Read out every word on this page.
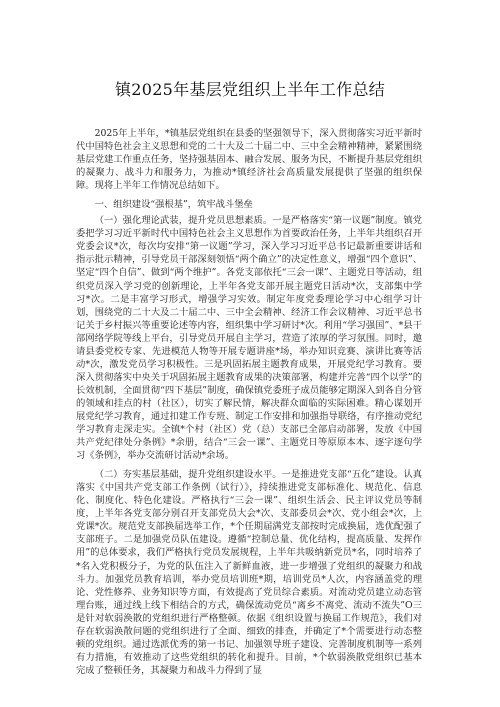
镇2025年基层党组织上半年工作总结

2025年上半年，*镇基层党组织在县委的坚强领导下，深入贯彻落实习近平新时代中国特色社会主义思想和党的二十大及二十届二中、三中全会精神精神，紧紧围绕基层党建工作重点任务，坚持强基固本、融合发展、服务为民，不断提升基层党组织的凝聚力、战斗力和服务力，为推动*镇经济社会高质量发展提供了坚强的组织保障。现将上半年工作情况总结如下。

一、组织建设“强根基”，筑牢战斗堡垒

（一）强化理论武装，提升党员思想素质。一是严格落实“第一议题”制度。镇党委把学习习近平新时代中国特色社会主义思想作为首要政治任务，上半年共组织召开党委会议*次，每次均安排“第一议题”学习，深入学习习近平总书记最新重要讲话和指示批示精神，引导党员干部深刻领悟“两个确立”的决定性意义，增强“四个意识”、坚定“四个自信”、做到“两个维护”。各党支部依托“三会一课”、主题党日等活动，组织党员深入学习党的创新理论，上半年各党支部开展主题党日活动*次，支部集中学习*次。二是丰富学习形式，增强学习实效。制定年度党委理论学习中心组学习计划，围绕党的二十大及二十届二中、三中全会精神、经济工作会议精神、习近平总书记关于乡村振兴等重要论述等内容，组织集中学习研讨*次。利用“学习强国”、*县干部网络学院等线上平台，引导党员开展自主学习，营造了浓厚的学习氛围。同时，邀请县委党校专家、先进模范人物等开展专题讲座*场，举办知识竞赛、演讲比赛等活动*次，激发党员学习积极性。三是巩固拓展主题教育成果，开展党纪学习教育。要深入贯彻落实中央关于巩固拓展主题教育成果的决策部署，构建并完善“四个以学”的长效机制，全面贯彻“四下基层”制度，确保镇党委班子成员能够定期深入到各自分管的领域和挂点的村（社区），切实了解民情，解决群众面临的实际困难。精心谋划开展党纪学习教育，通过扣建工作专班、制定工作安排和加强指导联络，有序推动党纪学习教育走深走实。全镇*个村（社区）党（总）支部已全部启动部署，发放《中国共产党纪律处分条例》*余册，结合“三会一课”、主题党日等原原本本、逐字逐句学习《条例》，举办交流研讨活动*余场。

（二）夯实基层基础，提升党组织建设水平。一是推进党支部“五化”建设。认真落实《中国共产党支部工作条例（试行）》，持续推进党支部标准化、规范化、信息化、制度化、特色化建设。严格执行“三会一课”、组织生活会、民主评议党员等制度，上半年各党支部分别召开支部党员大会*次、支部委员会*次、党小组会*次，上党课*次。规范党支部换届选举工作，*个任期届满党支部按时完成换届，选优配强了支部班子。二是加强党员队伍建设。遵循“控制总量、优化结构，提高质量、发挥作用”的总体要求，我们严格执行党员发展规程，上半年共吸纳新党员*名，同时培养了*名入党积极分子，为党的队伍注入了新鲜血液，进一步增强了党组织的凝聚力和战斗力。加强党员教育培训，举办党员培训班*期，培训党员*人次，内容涵盖党的理论、党性修养、业务知识等方面，有效提高了党员综合素质。对流动党员建立动态管理台账，通过线上线下相结合的方式，确保流动党员“离乡不离党、流动不流失”O三是针对软弱涣散的党组织进行严格整顿。依据《组织设置与换届工作规范》，我们对存在软弱涣散问题的党组织进行了全面、细致的排查，并确定了*个需要进行动态整顿的党组织。通过选派优秀的第一书记、加强领导班子建设、完善制度机制等一系列有力措施，有效推动了这些党组织的转化和提升。目前，*个软弱涣散党组织已基本完成了整顿任务，其凝聚力和战斗力得到了显
